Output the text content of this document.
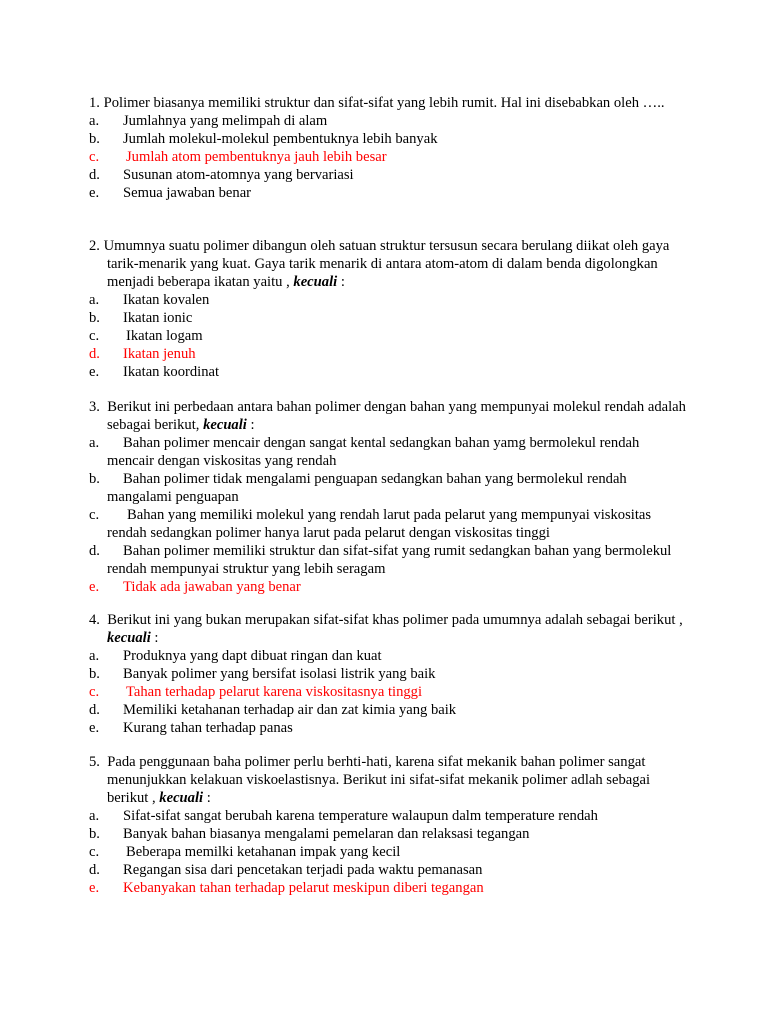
1. Polimer biasanya memiliki struktur dan sifat-sifat yang lebih rumit. Hal ini disebabkan oleh …..
a. Jumlahnya yang melimpah di alam
b. Jumlah molekul-molekul pembentuknya lebih banyak
c. Jumlah atom pembentuknya jauh lebih besar
d. Susunan atom-atomnya yang bervariasi
e. Semua jawaban benar
2. Umumnya suatu polimer dibangun oleh satuan struktur tersusun secara berulang diikat oleh gaya tarik-menarik yang kuat. Gaya tarik menarik di antara atom-atom di dalam benda digolongkan menjadi beberapa ikatan yaitu , kecuali :
a. Ikatan kovalen
b. Ikatan ionic
c. Ikatan logam
d. Ikatan jenuh
e. Ikatan koordinat
3. Berikut ini perbedaan antara bahan polimer dengan bahan yang mempunyai molekul rendah adalah sebagai berikut, kecuali :
a.	Bahan polimer mencair dengan sangat kental sedangkan bahan yamg bermolekul rendah mencair dengan viskositas yang rendah
b.	Bahan polimer tidak mengalami penguapan sedangkan bahan yang bermolekul rendah mangalami penguapan
c.	Bahan yang memiliki molekul yang rendah larut pada pelarut yang mempunyai viskositas rendah sedangkan polimer hanya larut pada pelarut dengan viskositas tinggi
d.	Bahan polimer memiliki struktur dan sifat-sifat yang rumit sedangkan bahan yang bermolekul rendah mempunyai struktur yang lebih seragam
e. Tidak ada jawaban yang benar
4. Berikut ini yang bukan merupakan sifat-sifat khas polimer pada umumnya adalah sebagai berikut , kecuali :
a. Produknya yang dapt dibuat ringan dan kuat
b. Banyak polimer yang bersifat isolasi listrik yang baik
c. Tahan terhadap pelarut karena viskositasnya tinggi
d. Memiliki ketahanan terhadap air dan zat kimia yang baik
e. Kurang tahan terhadap panas
5. Pada penggunaan baha polimer perlu berhti-hati, karena sifat mekanik bahan polimer sangat menunjukkan kelakuan viskoelastisnya. Berikut ini sifat-sifat mekanik polimer adlah sebagai berikut , kecuali :
a. Sifat-sifat sangat berubah karena temperature walaupun dalm temperature rendah
b. Banyak bahan biasanya mengalami pemelaran dan relaksasi tegangan
c. Beberapa memilki ketahanan impak yang kecil
d. Regangan sisa dari pencetakan terjadi pada waktu pemanasan
e. Kebanyakan tahan terhadap pelarut meskipun diberi tegangan
